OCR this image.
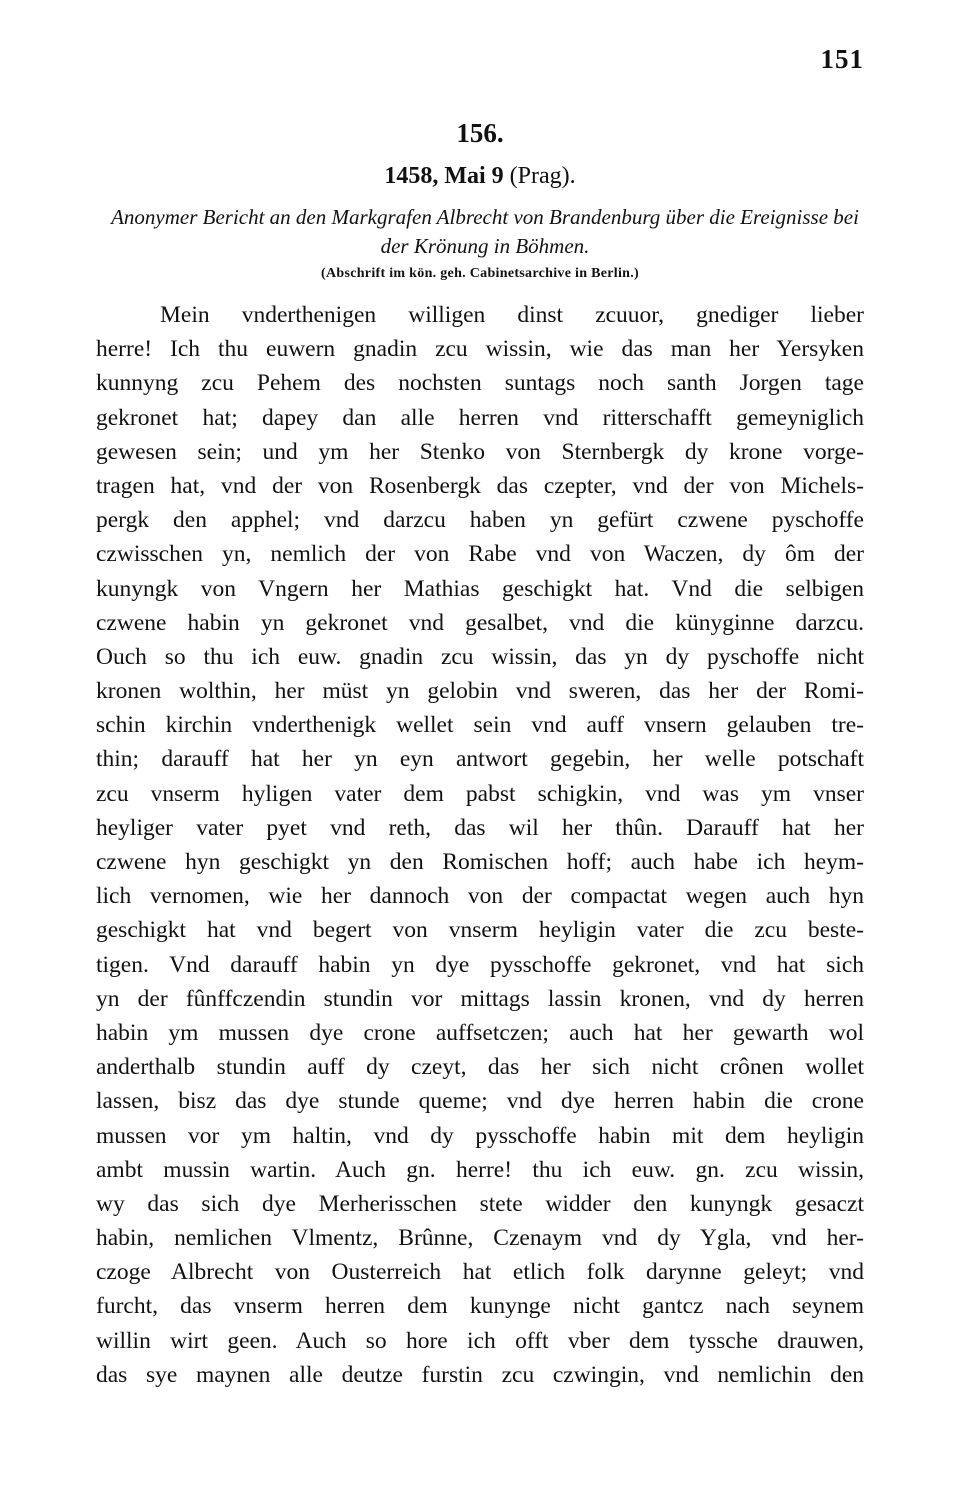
151
156.
1458, Mai 9 (Prag).
Anonymer Bericht an den Markgrafen Albrecht von Brandenburg über die Ereignisse bei der Krönung in Böhmen.
(Abschrift im kön. geh. Cabinetsarchive in Berlin.)
Mein vnderthenigen willigen dinst zcuuor, gnediger lieber
herre! Ich thu euwern gnadin zcu wissin, wie das man her Yersyken
kunnyng zcu Pehem des nochsten suntags noch santh Jorgen tage
gekronet hat; dapey dan alle herren vnd ritterschafft gemeyniglich
gewesen sein; und ym her Stenko von Sternbergk dy krone vorge-
tragen hat, vnd der von Rosenbergk das czepter, vnd der von Michels-
pergk den apphel; vnd darzcu haben yn gefürt czwene pyschoffe
czwisschen yn, nemlich der von Rabe vnd von Waczen, dy ôm der
kunyngk von Vngern her Mathias geschigkt hat. Vnd die selbigen
czwene habin yn gekronet vnd gesalbet, vnd die künyginne darzcu.
Ouch so thu ich euw. gnadin zcu wissin, das yn dy pyschoffe nicht
kronen wolthin, her müst yn gelobin vnd sweren, das her der Romi-
schin kirchin vnderthenigk wellet sein vnd auff vnsern gelauben tre-
thin; darauff hat her yn eyn antwort gegebin, her welle potschaft
zcu vnserm hyligen vater dem pabst schigkin, vnd was ym vnser
heyliger vater pyet vnd reth, das wil her thûn. Darauff hat her
czwene hyn geschigkt yn den Romischen hoff; auch habe ich heym-
lich vernomen, wie her dannoch von der compactat wegen auch hyn
geschigkt hat vnd begert von vnserm heyligin vater die zcu beste-
tigen. Vnd darauff habin yn dye pysschoffe gekronet, vnd hat sich
yn der fûnffczendin stundin vor mittags lassin kronen, vnd dy herren
habin ym mussen dye crone auffsetczen; auch hat her gewarth wol
anderthalb stundin auff dy czeyt, das her sich nicht crônen wollet
lassen, bisz das dye stunde queme; vnd dye herren habin die crone
mussen vor ym haltin, vnd dy pysschoffe habin mit dem heyligin
ambt mussin wartin. Auch gn. herre! thu ich euw. gn. zcu wissin,
wy das sich dye Merherisschen stete widder den kunyngk gesaczt
habin, nemlichen Vlmentz, Brûnne, Czenaym vnd dy Ygla, vnd her-
czoge Albrecht von Ousterreich hat etlich folk darynne geleyt; vnd
furcht, das vnserm herren dem kunynge nicht gantcz nach seynem
willin wirt geen. Auch so hore ich offt vber dem tyssche drauwen,
das sye maynen alle deutze furstin zcu czwingin, vnd nemlichin den
